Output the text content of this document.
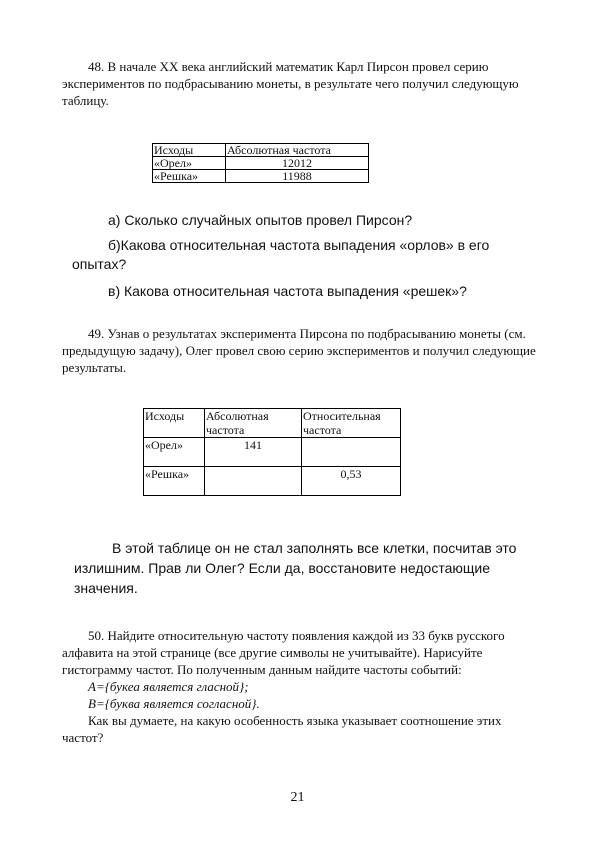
48. В начале XX века английский математик Карл Пирсон провел серию экспериментов по подбрасыванию монеты, в результате чего получил следующую таблицу.

Исходы	Абсолютная частота
«Орел»	12012
«Решка»	11988

а) Сколько случайных опытов провел Пирсон?

б)Какова относительная частота выпадения «орлов» в его опытах?

в) Какова относительная частота выпадения «решек»?

49. Узнав о результатах эксперимента Пирсона по подбрасыванию монеты (см. предыдущую задачу), Олег провел свою серию экспериментов и получил следующие результаты.

Исходы	Абсолютная частота	Относительная частота
«Орел»	141	
«Решка»		0,53

В этой таблице он не стал заполнять все клетки, посчитав это излишним. Прав ли Олег? Если да, восстановите недостающие значения.

50. Найдите относительную частоту появления каждой из 33 букв русского алфавита на этой странице (все другие символы не учитывайте). Нарисуйте гистограмму частот. По полученным данным найдите частоты событий:

A={букеа является гласной};

B={буква является согласной}.

Как вы думаете, на какую особенность языка указывает соотношение этих частот?

21
